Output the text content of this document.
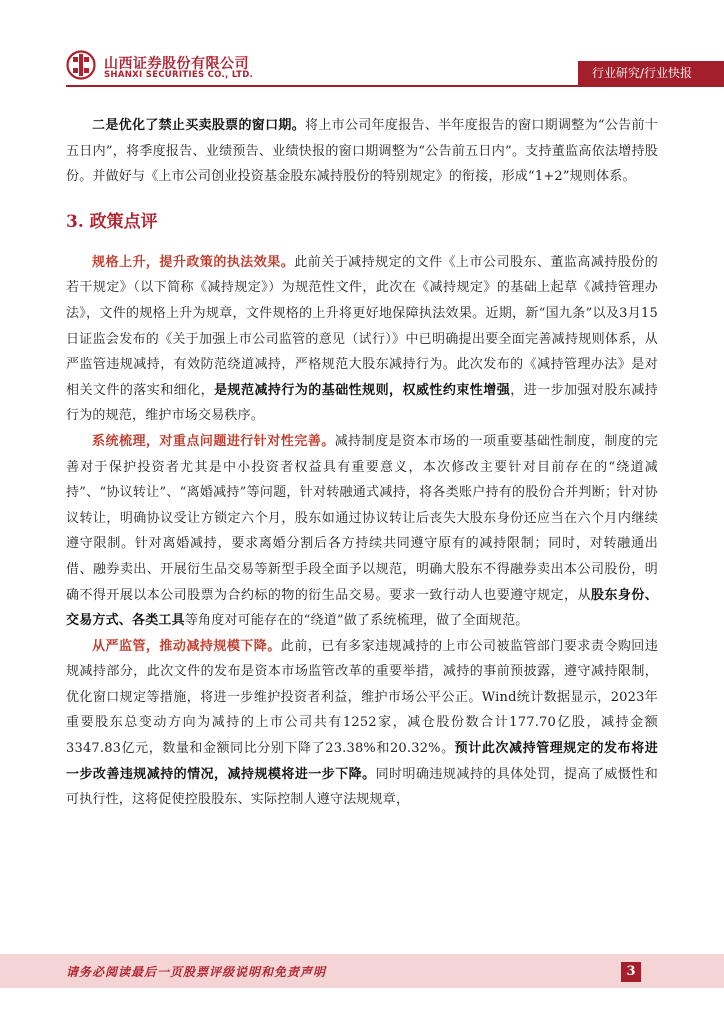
山西证券股份有限公司
SHANXI SECURITIES CO., LTD.	行业研究/行业快报

二是优化了禁止买卖股票的窗口期。将上市公司年度报告、半年度报告的窗口期调整为“公告前十五日内”，将季度报告、业绩预告、业绩快报的窗口期调整为“公告前五日内”。支持董监高依法增持股份。并做好与《上市公司创业投资基金股东减持股份的特别规定》的衔接，形成“1+2”规则体系。

3. 政策点评

规格上升，提升政策的执法效果。此前关于减持规定的文件《上市公司股东、董监高减持股份的若干规定》（以下简称《减持规定》）为规范性文件，此次在《减持规定》的基础上起草《减持管理办法》，文件的规格上升为规章，文件规格的上升将更好地保障执法效果。近期，新“国九条”以及3月15日证监会发布的《关于加强上市公司监管的意见（试行）》中已明确提出要全面完善减持规则体系，从严监管违规减持，有效防范绕道减持，严格规范大股东减持行为。此次发布的《减持管理办法》是对相关文件的落实和细化，是规范减持行为的基础性规则，权威性约束性增强，进一步加强对股东减持行为的规范，维护市场交易秩序。

系统梳理，对重点问题进行针对性完善。减持制度是资本市场的一项重要基础性制度，制度的完善对于保护投资者尤其是中小投资者权益具有重要意义，本次修改主要针对目前存在的“绕道减持”、“协议转让”、“离婚减持”等问题，针对转融通式减持，将各类账户持有的股份合并判断；针对协议转让，明确协议受让方锁定六个月，股东如通过协议转让后丧失大股东身份还应当在六个月内继续遵守限制。针对离婚减持，要求离婚分割后各方持续共同遵守原有的减持限制；同时，对转融通出借、融券卖出、开展衍生品交易等新型手段全面予以规范，明确大股东不得融券卖出本公司股份，明确不得开展以本公司股票为合约标的物的衍生品交易。要求一致行动人也要遵守规定，从股东身份、交易方式、各类工具等角度对可能存在的“绕道”做了系统梳理，做了全面规范。

从严监管，推动减持规模下降。此前，已有多家违规减持的上市公司被监管部门要求责令购回违规减持部分，此次文件的发布是资本市场监管改革的重要举措，减持的事前预披露，遵守减持限制，优化窗口规定等措施，将进一步维护投资者利益，维护市场公平公正。Wind统计数据显示，2023年重要股东总变动方向为减持的上市公司共有1252家，减仓股份数合计177.70亿股，减持金额3347.83亿元，数量和金额同比分别下降了23.38%和20.32%。预计此次减持管理规定的发布将进一步改善违规减持的情况，减持规模将进一步下降。同时明确违规减持的具体处罚，提高了威慑性和可执行性，这将促使控股股东、实际控制人遵守法规规章，

请务必阅读最后一页股票评级说明和免责声明	3
